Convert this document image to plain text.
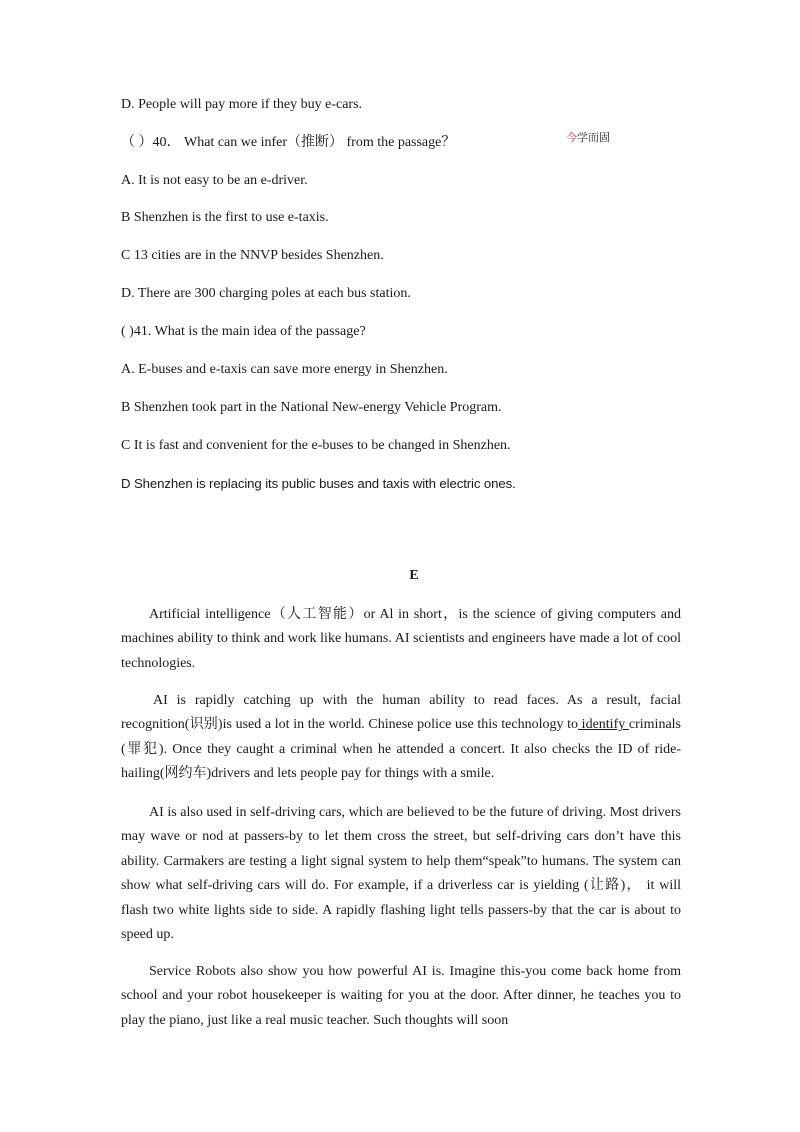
D. People will pay more if they buy e-cars.
（ ）40． What can we infer（推断） from the passage？	今学而固
A. It is not easy to be an e-driver.
B Shenzhen is the first to use e-taxis.
C 13 cities are in the NNVP besides Shenzhen.
D. There are 300 charging poles at each bus station.
( )41. What is the main idea of the passage?
A. E-buses and e-taxis can save more energy in Shenzhen.
B Shenzhen took part in the National New-energy Vehicle Program.
C It is fast and convenient for the e-buses to be changed in Shenzhen.
D Shenzhen is replacing its public buses and taxis with electric ones.
E
Artificial intelligence（人工智能）or Al in short，is the science of giving computers and machines ability to think and work like humans. AI scientists and engineers have made a lot of cool technologies.
AI is rapidly catching up with the human ability to read faces. As a result, facial recognition(识别)is used a lot in the world. Chinese police use this technology to identify criminals (罪犯). Once they caught a criminal when he attended a concert. It also checks the ID of ride-hailing(网约车)drivers and lets people pay for things with a smile.
AI is also used in self-driving cars, which are believed to be the future of driving. Most drivers may wave or nod at passers-by to let them cross the street, but self-driving cars don’t have this ability. Carmakers are testing a light signal system to help them“speak”to humans. The system can show what self-driving cars will do. For example, if a driverless car is yielding (让路)， it will flash two white lights side to side. A rapidly flashing light tells passers-by that the car is about to speed up.
Service Robots also show you how powerful AI is. Imagine this-you come back home from school and your robot housekeeper is waiting for you at the door. After dinner, he teaches you to play the piano, just like a real music teacher. Such thoughts will soon
